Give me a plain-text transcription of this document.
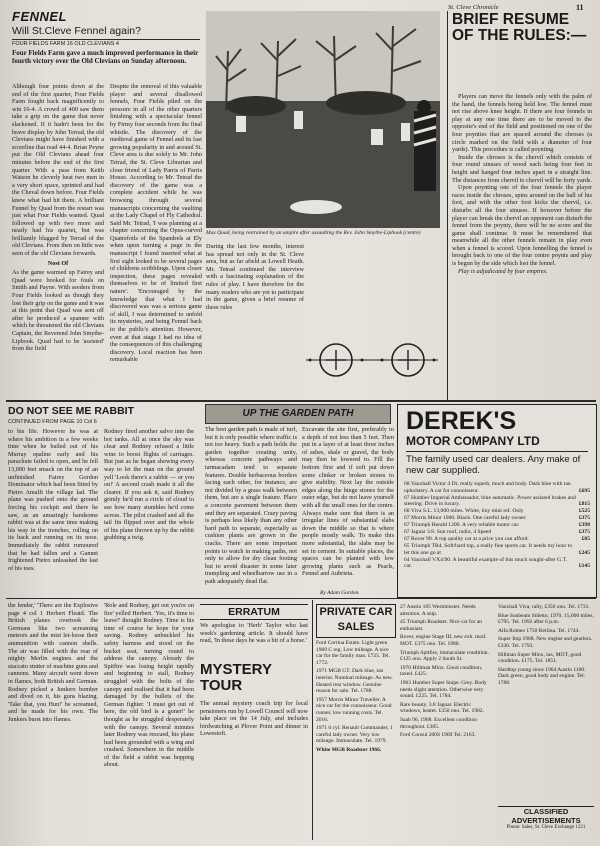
St. Cleve Chronicle	11
FENNEL
Will St.Cleve Fennel again?
FOUR FIELDS FARM 16 OLD CLEVIANS 4
Four Fields Farm gave a much improved performance in their fourth victory over the Old Clevians on Sunday afternoon.
Although four points down at the end of the first quarter, Four Fields Farm fought back magnificently to win 16-4. A crowd of 400 saw them take a grip on the game that never slackened. If it hadn't been for the brave display by John Terrad, the old Clevians might have finished with a scoreline that read 44-4. Brian Peyne put the Old Clevians ahead four minutes before the end of the first quarter. With a pass from Keith Watson he cleverly beat two men in a very short space, sprinted and had the Cheval down before. Four Fields knew what had hit them. A brilliant Fennel by Quad from the restart was just what Four Fields wanted. Quad followed up with two more and nearly had his quartet, but was brilliantly blagged by Terrad of the old Clevians. From then on little was seen of the old Clevians forwards.
Nost Of
As the game warmed up Fairey and Quad were booked for fouls on Smith and Payne. With seeders from Four Fields looked as though they lost their grip on the game and it was at this point that Quad was sent off after he produced a spanner with which he threatened the old Clevians Captain, the Reverend John Smythe-Lipbook. Quad had to be 'assisted' from the field
Despite the removal of this valuable player and several disallowed fennels, Four Fields piled on the pressure in all of the other quarters finishing with a spectacular fennel by Firmy four seconds from the final whistle. The discovery of the medieval game of Fennel and its fast growing popularity in and around St. Cleve area is due solely to Mr. John Tetrad, the St. Cleve Librarian and close friend of Lady Parris of Parris House. According to Mr. Tetrad the discovery of the game was a complete accident while he was browsing through several manuscripts concerning the vaulting at the Lady Chapel of Fly Cathedral. Said Mr. Tetrad, 'I was planning at a chapter concerning the Opus-curved Quatrefoils of the Spandrels at Ely when upon turning a page in the manuscript I found inserted what at first sight looked to be several pages of childrens scribblings. Upon closer inspection, these pages revealed themselves to be of limited first nature'. 'Encouraged by the knowledge that what I had discovered was was a serious game of skill, I was determined to unfold its mysteries, and being Fennel back to the public's attention. However, even at that stage I had no idea of the consequences of this challenging discovery. Local reaction has been remarkable
Max Quad, being restrained by an umpire after assaulting the Rev. John Smythe-Lipbook (centre)
During the last few months, interest has spread not only in the St. Cleve area, but as far afield as Lowell Heath. Mr. Tetrad continued the interview with a fascinating explanation of the rules of play. I have therefore for the many readers who are yet to participate in the game, given a brief resume of these rules
BRIEF RESUME OF THE RULES:—

Players can move the fennels only with the palm of the hand, the fennels being held low. The fennel must not rise above knee height. If there are four fennels in play at any one time there are to be moved to the opposite's end of the field and positioned on one of the four poynties that are spaced around the chroses (a circle marked on the field with a diameter of four yards). This procedure is called poynting.

Inside the chroses is the chervil which consists of four round sinuses of wood each being four feet in height and hanged four inches apart in a straight line. The distances from chervil to chervil will be forty yards.

Upon poynting one of the four fennels the player races inside the chroses, spins around on the ball of his foot, and with the other foot kicks the chervil, i.e. disturbs all the four sinuses. If however before the player can break the chervil an opponent can disturb the fennel from the poynty, there will be no score and the game shall continue. It must be remembered that meanwhile all the other fennels remain in play even when a fennel is scored. Upon fennelling the fennel is brought back to one of the four centre poynts and play is begun by the side which lost the fennel.

Play is adjudicated by four empires.

DO NOT SEE ME RABBIT
CONTINUED FROM PAGE 10 Col 6
to his life. However he was at where his ambition in a few weeks time when he bailed out of his Murray opaline early and his parachute failed to open, and he fell 13,000 feet smack on the top of an unfinished Fairey Gordon Dominator which had been fitted by Pietro Amalfi the village lad. The plane was pushed onto the ground forcing his cockpit and there he saw, as an amazingly handsome rabbit was at the same time making his way in the trenches, rolling on its back and running on its nose. Immediately the rabbit rumoured that he had fallen and a Gannet frightened Pietro unleashed the last of his toes.
Rodney fired another salvo into the hot tanks. All at once the sky was clear and Rodney refused a little wine to boost flights of carriages. But just as he began showing every way to let the man on the ground yell 'Look there's a rabbit — or you on!' A second crash made it all the clearer. If you ask it, said Rodney grimly he'd run a circle of cloud to see how many stumbles he'd come across. The pilot crashed and all the tail fin flipped over and the whole of his plane thrown up by the rabbit grabbing a twig.
UP THE GARDEN PATH
The best garden path is made of turf, but it is only possible where traffic is not too heavy. Such a path holds the garden together creating unity, whereas concrete pathways and tarmacadam tend to separate features. Double herbaceous borders facing each other, for instance, are not divided by a grass walk between them, but are a single feature. Place a concrete pavement between them and they are separated. Crazy paving is perhaps less likely than any other hard path to separate, especially as cushion plants are grown in the cracks. There are some important points to watch in making paths, not only to allow for dry clean footing but to avoid disaster in some later trampling and wheelbarrow use in a path adequately dead flat.
Excavate the site first, preferably to a depth of not less than 5 feet. Then put in a layer of at least three inches of ashes, shale or gravel, the body may then be lowered to. Fill the bottom first and if soft put down some clinker or broken stones to give stability. Next lay the outside edges along the hinge stones for the outer edge, but do not leave yourself with all the small ones for the centre. Always make sure that there is an irregular lines of substantial slabs down the middle so that is where people mostly walk. To make this more substantial, the slabs may be set in cement. In suitable places, the spaces can be planted with low growing plants such as Pearls, Fennel and Aubrieta.
By Adam Gordon.
DEREK'S
MOTOR COMPANY LTD
The family used car dealers. Any make of new car supplied.
68 Vauxhall Victor 4 Dr, really superb, much and body. Dark blue with tan upholstery. A car for connoisseur.	£695
67 Humber Imperial Ambassador, blue automatic. Power assisted brakes and steering. Drive in luxury.	£815
68 Viva S.L. 13,000 miles. White, tiny mint ref. Only	£525
67 Morris Minor 1000. Black. One careful lady owner.	£375
67 Triumph Herald 1200. A very reliable motor car.	£398
67 Jaguar 3.8. Sun roof, radio, 4 Speed	£375
67 Rover 90. A top quality car at a price you can afford.	£85
65 Triumph TR4. Soft/hard top, a really fine sports car. It needs my hour to let this one go at	£245
64 Vauxhall VX4/90. A beautiful example of this much sought-after G.T. car.	£145
the fender,' 'There are the Explosive page 4 col 1 Herbert Fleatd. The British planes overtook the Germans like two screaming meteors and the mist let-loose their ammunition with cannon shells. The air was filled with the roar of mighty Merlin engines and the staccato stutter of machine guns and cannons. Many aircraft went down in flames, both British and German. Rodney picked a Junkers bomber and dived on it, his guns blazing. 'Take that, you Hun!' he screamed, and he made for his own. The Junkers burst into flames.
'Role and Rodney, get out you're on fire' yelled Herbert. 'Yes, it's time to leave!' thought Rodney. Time is his time of course he hope for your saving. Rodney unbuckled his safety harness and stood on the bucket seat, turning round to address the canopy. Already the Spitfire was losing height rapidly and beginning to stall, Rodney struggled with the bolts of the canopy and realised that it had been damaged by the bullets of the German fighter. 'I must get out of here, the old bird is a goner!' he thought as he struggled desperately with the canopy. Several minutes later Rodney was rescued, his plane had been grounded with a wing and crashed. Somewhere in the middle of the field a rabbit was hopping about.
ERRATUM
We apologise to 'Herb' Taylor who last week's gardening article. It should have read, 'In these days he was a bit of a horse.'
MYSTERY TOUR
The annual mystery coach trip for local pensioners run by Lowell Council will now take place on the 14 July, and includes birdwatching at Plover Point and dinner in Lowestoft.
PRIVATE CAR SALES
Ford Cortina Estate. Light green 1969 C reg. Low mileage. A nice car for the family man. £725. Tel. 1772.
1971 MGB GT. Dark blue, tan interior. Nominal mileage. As new. Heated rear window. Genuine reason for sale. Tel. 1788.
1957 Morris Minor Traveller. A nice car for the connoisseur. Good runner, low running costs. Tel. 2016.
1971 6 cyl. Renault Commander, 1 careful lady owner. Very low mileage. Immaculate. Tel. 1979.
White MGB Roadster 1966.
27 Austin 105 Westminster. Needs attention. A snip.
45 Triumph Roadster. Nice car for an enthusiast.
Rover, engine Stage III, new exh. mod. MOT. £375 ono. Tel. 1980.
Triumph Spitfire, immaculate condition. £125 ono. Apply 2 South St.
1970 Hillman Minx. Good condition, taxed. £425.
1963 Humber Super Snipe. Grey. Body needs slight attention. Otherwise very sound. £225. Tel. 1784.
Rare beauty. 3.8 Jaguar. Electric windows, heater. £350 ono. Tel. 1902.
Saab 96, 1968. Excellent condition throughout. £385.
Ford Consul 200S 1969 Tel. 2163.
Vauxhall Viva, rally, £350 ono. Tel. 1731.
Blue Sunbeam Stiletto, 1970. 15,000 miles, £795. Tel. 1992 after 6 p.m.
Alfa Romeo 1750 Berlina. Tel. 1744.
Super Imp 1968. New engine and gearbox. £330. Tel. 1793.
Hillman Super Minx, tax, MOT, good condition. £175. Tel. 1851.
Hardtop young since 1964 Austin 1100. Dark green, good body and engine. Tel. 1788.
CLASSIFIED ADVERTISEMENTS
Phone: Sales, St. Cleve Exchange 1221
